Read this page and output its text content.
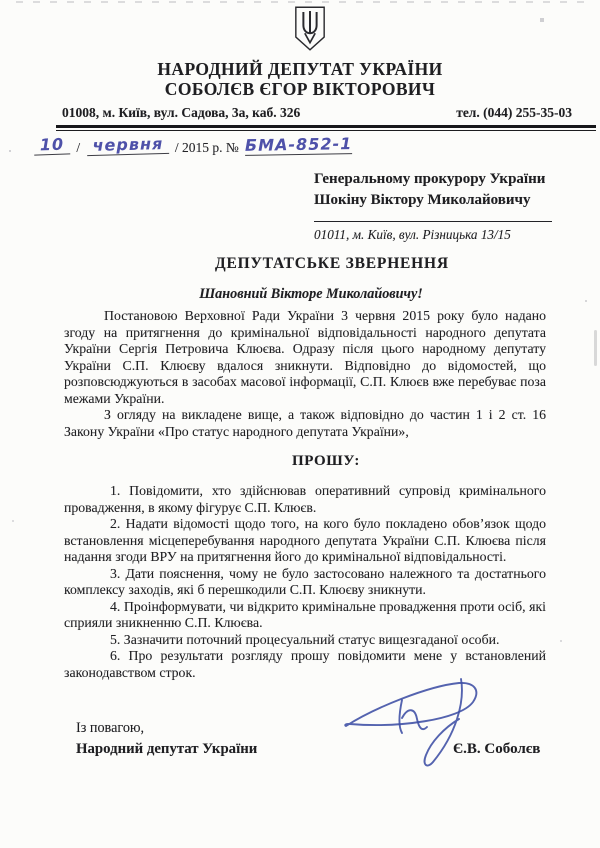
НАРОДНИЙ ДЕПУТАТ УКРАЇНИ
СОБОЛЄВ ЄГОР ВІКТОРОВИЧ
01008, м. Київ, вул. Садова, 3а, каб. 326	тел. (044) 255-35-03
10 / червня / 2015 р. № БМА-852-1
Генеральному прокурору України
Шокіну Віктору Миколайовичу
01011, м. Київ, вул. Різницька 13/15
ДЕПУТАТСЬКЕ ЗВЕРНЕННЯ
Шановний Вікторе Миколайовичу!

Постановою Верховної Ради України 3 червня 2015 року було надано згоду на притягнення до кримінальної відповідальності народного депутата України Сергія Петровича Клюєва. Одразу після цього народному депутату України С.П. Клюєву вдалося зникнути. Відповідно до відомостей, що розповсюджуються в засобах масової інформації, С.П. Клюєв вже перебуває поза межами України.

З огляду на викладене вище, а також відповідно до частин 1 і 2 ст. 16 Закону України «Про статус народного депутата України»,

ПРОШУ:

1. Повідомити, хто здійснював оперативний супровід кримінального провадження, в якому фігурує С.П. Клюєв.

2. Надати відомості щодо того, на кого було покладено обов’язок щодо встановлення місцеперебування народного депутата України С.П. Клюєва після надання згоди ВРУ на притягнення його до кримінальної відповідальності.

3. Дати пояснення, чому не було застосовано належного та достатнього комплексу заходів, які б перешкодили С.П. Клюєву зникнути.

4. Проінформувати, чи відкрито кримінальне провадження проти осіб, які сприяли зникненню С.П. Клюєва.

5. Зазначити поточний процесуальний статус вищезгаданої особи.

6. Про результати розгляду прошу повідомити мене у встановлений законодавством строк.

Із повагою,
Народний депутат України	Є.В. Соболєв
